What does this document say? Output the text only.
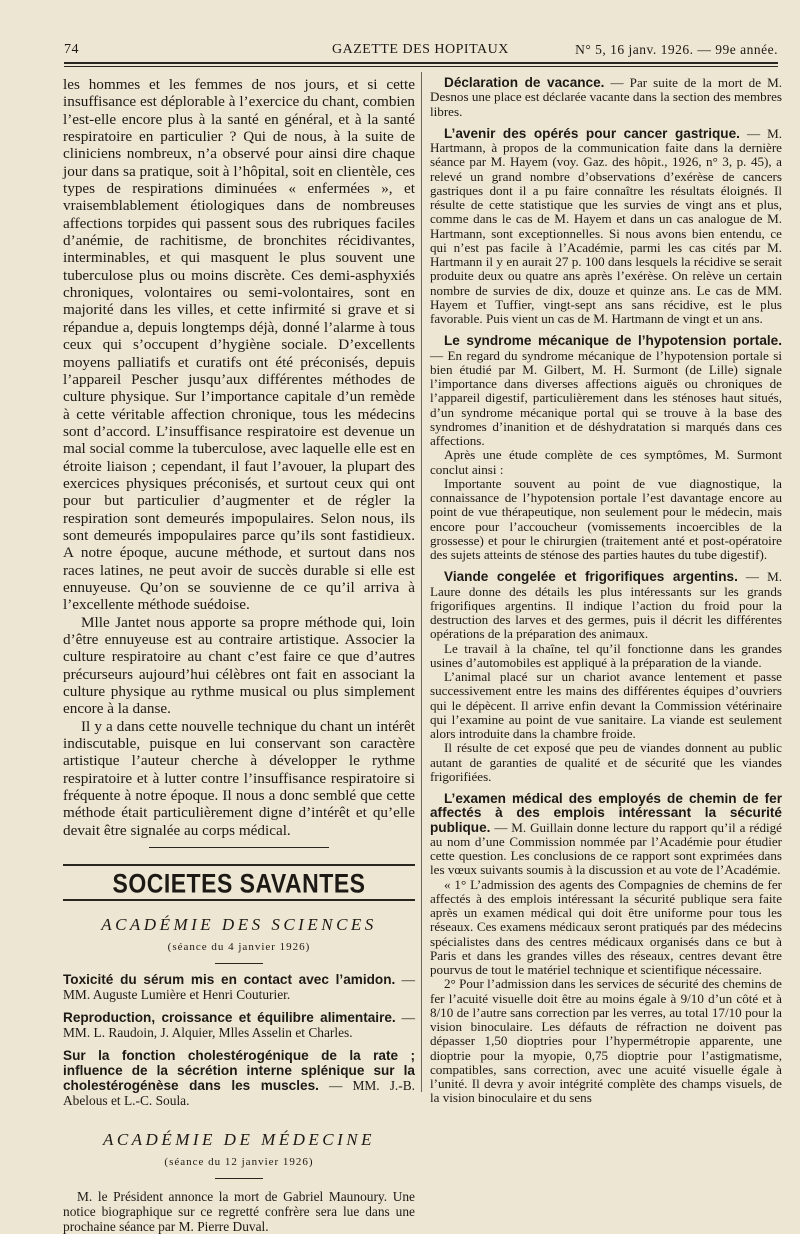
74	GAZETTE DES HOPITAUX	N° 5, 16 janv. 1926. — 99e année.

les hommes et les femmes de nos jours, et si cette insuffisance est déplorable à l’exercice du chant, combien l’est-elle encore plus à la santé en général, et à la santé respiratoire en particulier ? Qui de nous, à la suite de cliniciens nombreux, n’a observé pour ainsi dire chaque jour dans sa pratique, soit à l’hôpital, soit en clientèle, ces types de respirations diminuées « enfermées », et vraisemblablement étiologiques dans de nombreuses affections torpides qui passent sous des rubriques faciles d’anémie, de rachitisme, de bronchites récidivantes, interminables, et qui masquent le plus souvent une tuberculose plus ou moins discrète. Ces demi-asphyxiés chroniques, volontaires ou semi-volontaires, sont en majorité dans les villes, et cette infirmité si grave et si répandue a, depuis longtemps déjà, donné l’alarme à tous ceux qui s’occupent d’hygiène sociale. D’excellents moyens palliatifs et curatifs ont été préconisés, depuis l’appareil Pescher jusqu’aux différentes méthodes de culture physique. Sur l’importance capitale d’un remède à cette véritable affection chronique, tous les médecins sont d’accord. L’insuffisance respiratoire est devenue un mal social comme la tuberculose, avec laquelle elle est en étroite liaison ; cependant, il faut l’avouer, la plupart des exercices physiques préconisés, et surtout ceux qui ont pour but particulier d’augmenter et de régler la respiration sont demeurés impopulaires. Selon nous, ils sont demeurés impopulaires parce qu’ils sont fastidieux. A notre époque, aucune méthode, et surtout dans nos races latines, ne peut avoir de succès durable si elle est ennuyeuse. Qu’on se souvienne de ce qu’il arriva à l’excellente méthode suédoise.

Mlle Jantet nous apporte sa propre méthode qui, loin d’être ennuyeuse est au contraire artistique. Associer la culture respiratoire au chant c’est faire ce que d’autres précurseurs aujourd’hui célèbres ont fait en associant la culture physique au rythme musical ou plus simplement encore à la danse.

Il y a dans cette nouvelle technique du chant un intérêt indiscutable, puisque en lui conservant son caractère artistique l’auteur cherche à développer le rythme respiratoire et à lutter contre l’insuffisance respiratoire si fréquente à notre époque. Il nous a donc semblé que cette méthode était particulièrement digne d’intérêt et qu’elle devait être signalée au corps médical.

SOCIETES SAVANTES
ACADÉMIE DES SCIENCES
(séance du 4 janvier 1926)

Toxicité du sérum mis en contact avec l’amidon. — MM. Auguste Lumière et Henri Couturier.

Reproduction, croissance et équilibre alimentaire. — MM. L. Raudoin, J. Alquier, Mlles Asselin et Charles.

Sur la fonction cholestérogénique de la rate ; influence de la sécrétion interne splénique sur la cholestérogénèse dans les muscles. — MM. J.-B. Abelous et L.-C. Soula.

ACADÉMIE DE MÉDECINE
(séance du 12 janvier 1926)

M. le Président annonce la mort de Gabriel Maunoury. Une notice biographique sur ce regretté confrère sera lue dans une prochaine séance par M. Pierre Duval.

Déclaration de vacance. — Par suite de la mort de M. Desnos une place est déclarée vacante dans la section des membres libres.

L’avenir des opérés pour cancer gastrique. — M. Hartmann, à propos de la communication faite dans la dernière séance par M. Hayem (voy. Gaz. des hôpit., 1926, n° 3, p. 45), a relevé un grand nombre d’observations d’exérèse de cancers gastriques dont il a pu faire connaître les résultats éloignés. Il résulte de cette statistique que les survies de vingt ans et plus, comme dans le cas de M. Hayem et dans un cas analogue de M. Hartmann, sont exceptionnelles. Si nous avons bien entendu, ce qui n’est pas facile à l’Académie, parmi les cas cités par M. Hartmann il y en aurait 27 p. 100 dans lesquels la récidive se serait produite deux ou quatre ans après l’exérèse. On relève un certain nombre de survies de dix, douze et quinze ans. Le cas de MM. Hayem et Tuffier, vingt-sept ans sans récidive, est le plus favorable. Puis vient un cas de M. Hartmann de vingt et un ans.

Le syndrome mécanique de l’hypotension portale. — En regard du syndrome mécanique de l’hypotension portale si bien étudié par M. Gilbert, M. H. Surmont (de Lille) signale l’importance dans diverses affections aiguës ou chroniques de l’appareil digestif, particulièrement dans les sténoses haut situés, d’un syndrome mécanique portal qui se trouve à la base des syndromes d’inanition et de déshydratation si marqués dans ces affections.

Après une étude complète de ces symptômes, M. Surmont conclut ainsi :

Importante souvent au point de vue diagnostique, la connaissance de l’hypotension portale l’est davantage encore au point de vue thérapeutique, non seulement pour le médecin, mais encore pour l’accoucheur (vomissements incoercibles de la grossesse) et pour le chirurgien (traitement anté et post-opératoire des sujets atteints de sténose des parties hautes du tube digestif).

Viande congelée et frigorifiques argentins. — M. Laure donne des détails les plus intéressants sur les grands frigorifiques argentins. Il indique l’action du froid pour la destruction des larves et des germes, puis il décrit les différentes opérations de la préparation des animaux.

Le travail à la chaîne, tel qu’il fonctionne dans les grandes usines d’automobiles est appliqué à la préparation de la viande.

L’animal placé sur un chariot avance lentement et passe successivement entre les mains des différentes équipes d’ouvriers qui le dépècent. Il arrive enfin devant la Commission vétérinaire qui l’examine au point de vue sanitaire. La viande est seulement alors introduite dans la chambre froide.

Il résulte de cet exposé que peu de viandes donnent au public autant de garanties de qualité et de sécurité que les viandes frigorifiées.

L’examen médical des employés de chemin de fer affectés à des emplois intéressant la sécurité publique. — M. Guillain donne lecture du rapport qu’il a rédigé au nom d’une Commission nommée par l’Académie pour étudier cette question. Les conclusions de ce rapport sont exprimées dans les vœux suivants soumis à la discussion et au vote de l’Académie.

« 1° L’admission des agents des Compagnies de chemins de fer affectés à des emplois intéressant la sécurité publique sera faite après un examen médical qui doit être uniforme pour tous les réseaux. Ces examens médicaux seront pratiqués par des médecins spécialistes dans des centres médicaux organisés dans ce but à Paris et dans les grandes villes des réseaux, centres devant être pourvus de tout le matériel technique et scientifique nécessaire.

2° Pour l’admission dans les services de sécurité des chemins de fer l’acuité visuelle doit être au moins égale à 9/10 d’un côté et à 8/10 de l’autre sans correction par les verres, au total 17/10 pour la vision binoculaire. Les défauts de réfraction ne doivent pas dépasser 1,50 dioptries pour l’hypermétropie apparente, une dioptrie pour la myopie, 0,75 dioptrie pour l’astigmatisme, compatibles, sans correction, avec une acuité visuelle égale à l’unité. Il devra y avoir intégrité complète des champs visuels, de la vision binoculaire et du sens
